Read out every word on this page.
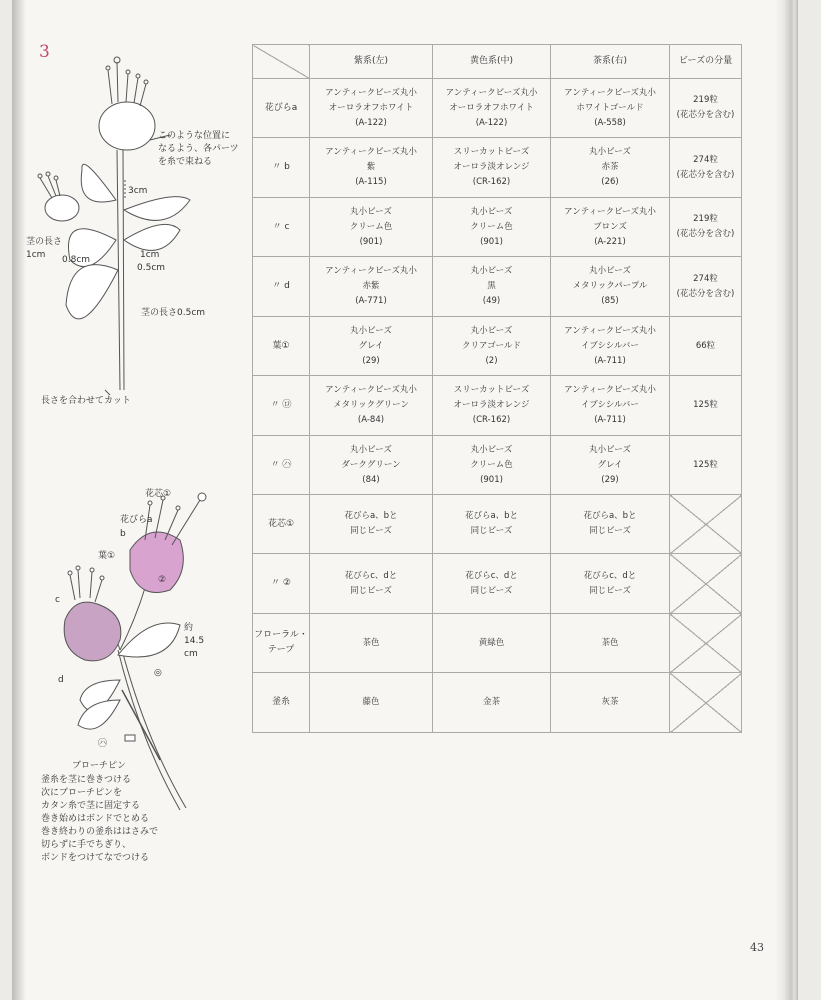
3
このような位置に
なるよう、各パーツ
を糸で束ねる
3cm
茎の長さ
1cm	0.8cm	1cm
0.5cm
茎の長さ0.5cm
長さを合わせてカット
花芯①
花びらa
b
葉①
c
d
②
◎
約
14.5
cm
㋩
ブローチピン
釜糸を茎に巻きつける
次にブローチピンを
カタン糸で茎に固定する
巻き始めはボンドでとめる
巻き終わりの釜糸ははさみで
切らずに手でちぎり、
ボンドをつけてなでつける
	紫系(左)	黄色系(中)	茶系(右)	ビーズの分量
花びらa	アンティークビーズ丸小
オーロラオフホワイト
(A-122)	アンティークビーズ丸小
オーロラオフホワイト
(A-122)	アンティークビーズ丸小
ホワイトゴールド
(A-558)	219粒
(花芯分を含む)

〃 b	アンティークビーズ丸小
紫
(A-115)	スリーカットビーズ
オーロラ淡オレンジ
(CR-162)	丸小ビーズ
赤茶
(26)	274粒
(花芯分を含む)

〃 c	丸小ビーズ
クリーム色
(901)	丸小ビーズ
クリーム色
(901)	アンティークビーズ丸小
ブロンズ
(A-221)	219粒
(花芯分を含む)

〃 d	アンティークビーズ丸小
赤紫
(A-771)	丸小ビーズ
黒
(49)	丸小ビーズ
メタリックパープル
(85)	274粒
(花芯分を含む)

葉①	丸小ビーズ
グレイ
(29)	丸小ビーズ
クリアゴールド
(2)	アンティークビーズ丸小
イブシシルバー
(A-711)	66粒

〃 ㋺	アンティークビーズ丸小
メタリックグリーン
(A-84)	スリーカットビーズ
オーロラ淡オレンジ
(CR-162)	アンティークビーズ丸小
イブシシルバー
(A-711)	125粒

〃 ㋩	丸小ビーズ
ダークグリーン
(84)	丸小ビーズ
クリーム色
(901)	丸小ビーズ
グレイ
(29)	125粒

花芯①	花びらa、bと
同じビーズ	花びらa、bと
同じビーズ	花びらa、bと
同じビーズ	

〃 ②	花びらc、dと
同じビーズ	花びらc、dと
同じビーズ	花びらc、dと
同じビーズ	

フローラル・テープ	茶色	黄緑色	茶色	

釜糸	藤色	金茶	灰茶	

43
